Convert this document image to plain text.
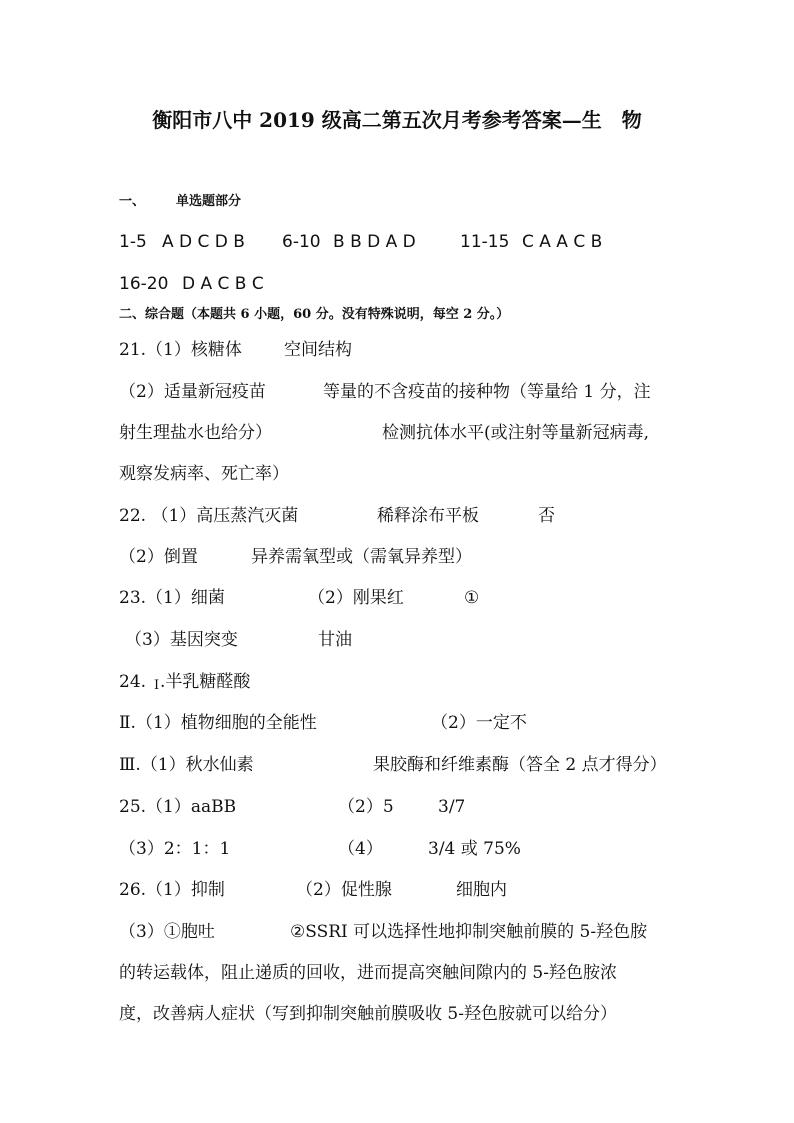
衡阳市八中 2019 级高二第五次月考参考答案—生　物
一、 单选题部分
1-5 A D C D B 6-10 B B D A D	11-15 C A A C B
16-20 D A C B C
二、综合题（本题共 6 小题，60 分。没有特殊说明，每空 2 分。）
21.（1）核糖体 空间结构
（2）适量新冠疫苗	等量的不含疫苗的接种物（等量给 1 分，注
射生理盐水也给分）	检测抗体水平(或注射等量新冠病毒,
观察发病率、死亡率）
22. （1）高压蒸汽灭菌	稀释涂布平板	否
（2）倒置	异养需氧型或（需氧异养型）
23.（1）细菌	（2）刚果红	①
（3）基因突变	甘油
24. I .半乳糖醛酸
Ⅱ.（1）植物细胞的全能性	（2）一定不
Ⅲ.（1）秋水仙素	果胶酶和纤维素酶（答全 2 点才得分）
25.（1）aaBB	（2）5	3/7
（3）2：1：1	（4）	3/4 或 75%
26.（1）抑制	（2）促性腺	细胞内
（3）①胞吐	②SSRI 可以选择性地抑制突触前膜的 5-羟色胺
的转运载体，阻止递质的回收，进而提高突触间隙内的 5-羟色胺浓
度，改善病人症状（写到抑制突触前膜吸收 5-羟色胺就可以给分）
